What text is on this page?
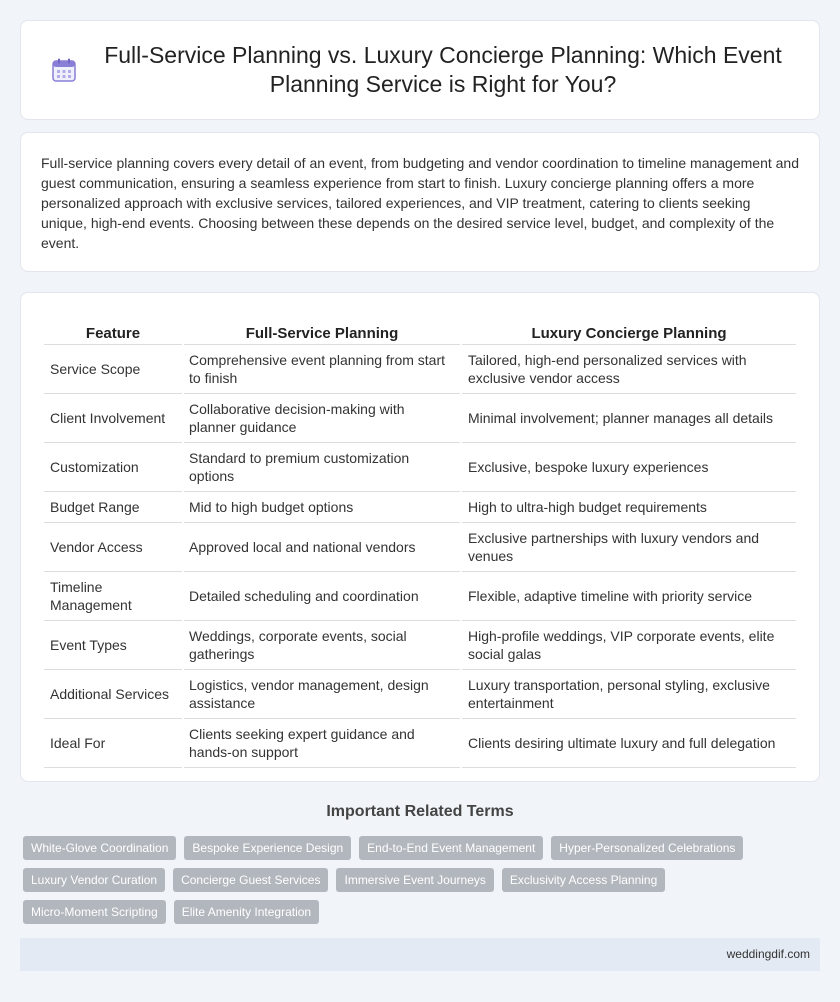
Full-Service Planning vs. Luxury Concierge Planning: Which Event Planning Service is Right for You?

Full-service planning covers every detail of an event, from budgeting and vendor coordination to timeline management and guest communication, ensuring a seamless experience from start to finish. Luxury concierge planning offers a more personalized approach with exclusive services, tailored experiences, and VIP treatment, catering to clients seeking unique, high-end events. Choosing between these depends on the desired service level, budget, and complexity of the event.

Feature	Full-Service Planning	Luxury Concierge Planning
Service Scope	Comprehensive event planning from start to finish	Tailored, high-end personalized services with exclusive vendor access
Client Involvement	Collaborative decision-making with planner guidance	Minimal involvement; planner manages all details
Customization	Standard to premium customization options	Exclusive, bespoke luxury experiences
Budget Range	Mid to high budget options	High to ultra-high budget requirements
Vendor Access	Approved local and national vendors	Exclusive partnerships with luxury vendors and venues
Timeline Management	Detailed scheduling and coordination	Flexible, adaptive timeline with priority service
Event Types	Weddings, corporate events, social gatherings	High-profile weddings, VIP corporate events, elite social galas
Additional Services	Logistics, vendor management, design assistance	Luxury transportation, personal styling, exclusive entertainment
Ideal For	Clients seeking expert guidance and hands-on support	Clients desiring ultimate luxury and full delegation
Important Related Terms
White-Glove Coordination	Bespoke Experience Design	End-to-End Event Management	Hyper-Personalized Celebrations
Luxury Vendor Curation	Concierge Guest Services	Immersive Event Journeys	Exclusivity Access Planning
Micro-Moment Scripting	Elite Amenity Integration
weddingdif.com
